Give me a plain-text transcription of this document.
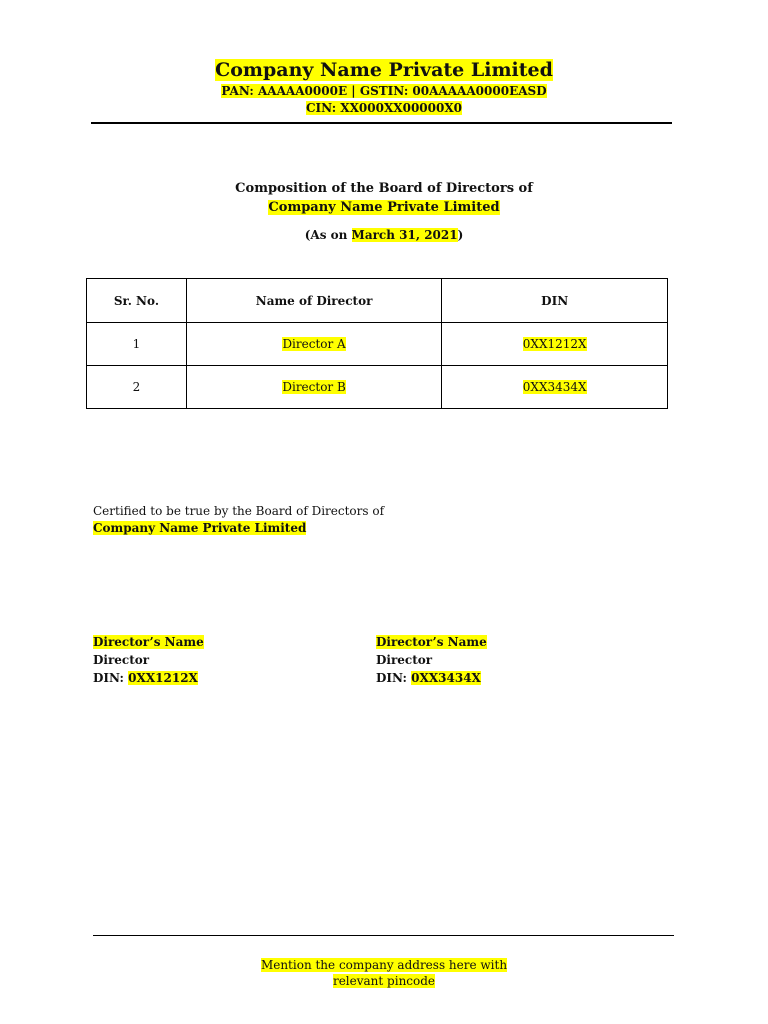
Company Name Private Limited
PAN: AAAAA0000E | GSTIN: 00AAAAA0000EASD
CIN: XX000XX00000X0
Composition of the Board of Directors of
Company Name Private Limited
(As on March 31, 2021)
Sr. No.	Name of Director	DIN
1	Director A	0XX1212X
2	Director B	0XX3434X
Certified to be true by the Board of Directors of
Company Name Private Limited
Director’s Name
Director
DIN: 0XX1212X
Director’s Name
Director
DIN: 0XX3434X
Mention the company address here with
relevant pincode
